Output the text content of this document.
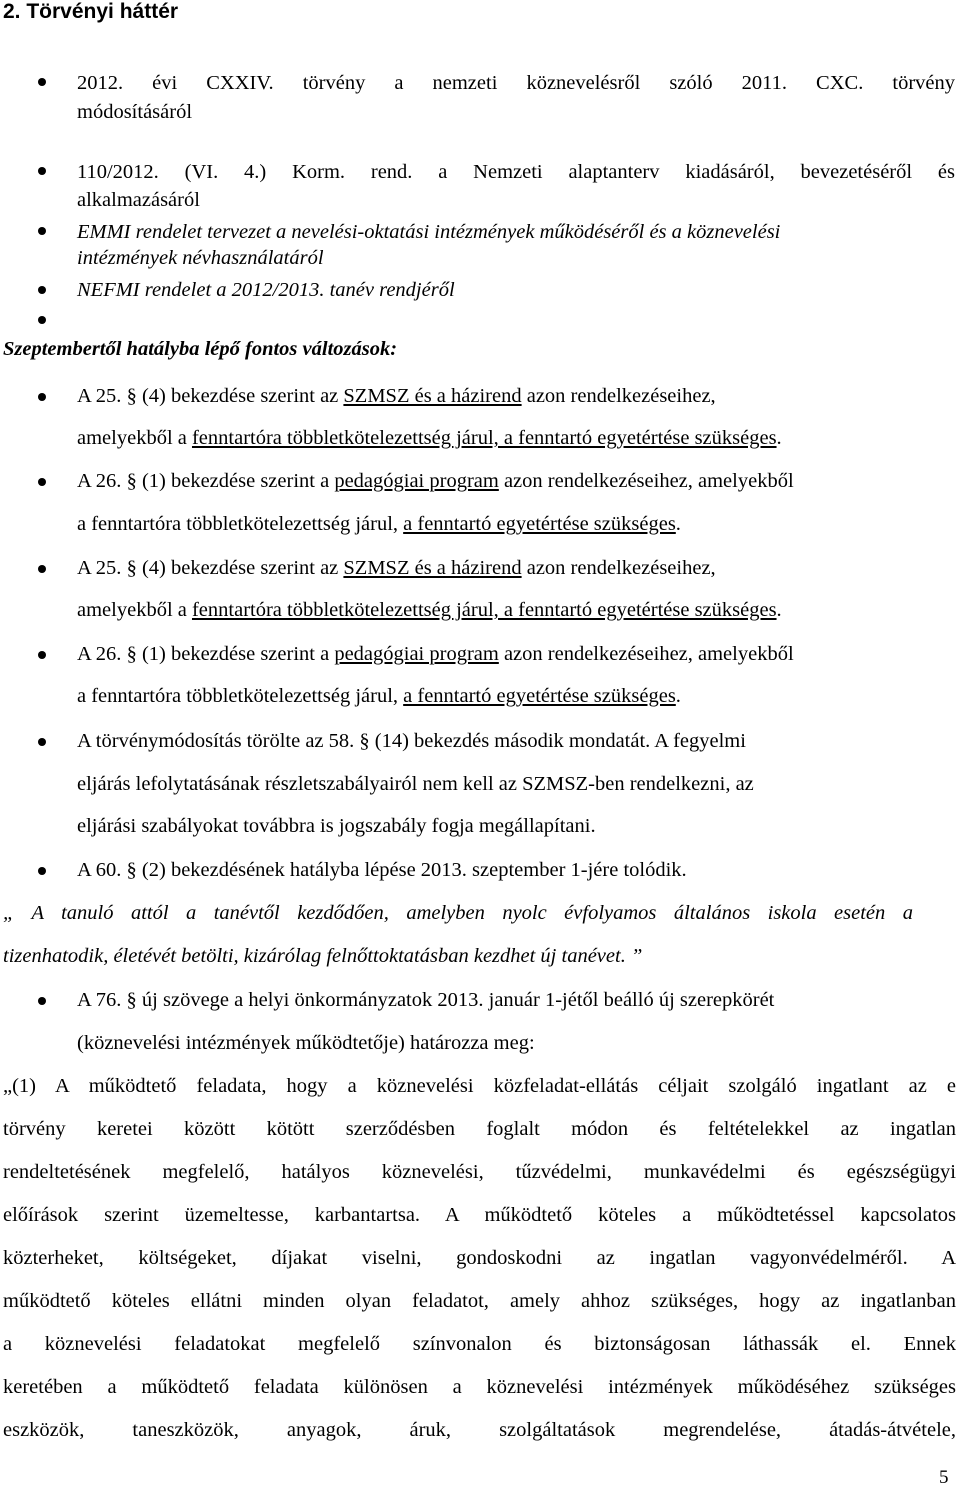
2. Törvényi háttér
2012. évi CXXIV. törvény a nemzeti köznevelésről szóló 2011. CXC. törvény
módosításáról
110/2012. (VI. 4.) Korm. rend. a Nemzeti alaptanterv kiadásáról, bevezetéséről és
alkalmazásáról
EMMI rendelet tervezet a nevelési-oktatási intézmények működéséről és a köznevelési
intézmények névhasználatáról
NEFMI rendelet a 2012/2013. tanév rendjéről
Szeptembertől hatályba lépő fontos változások:
A 25. § (4) bekezdése szerint az SZMSZ és a házirend azon rendelkezéseihez,
amelyekből a fenntartóra többletkötelezettség járul, a fenntartó egyetértése szükséges.
A 26. § (1) bekezdése szerint a pedagógiai program azon rendelkezéseihez, amelyekből
a fenntartóra többletkötelezettség járul, a fenntartó egyetértése szükséges.
A 25. § (4) bekezdése szerint az SZMSZ és a házirend azon rendelkezéseihez,
amelyekből a fenntartóra többletkötelezettség járul, a fenntartó egyetértése szükséges.
A 26. § (1) bekezdése szerint a pedagógiai program azon rendelkezéseihez, amelyekből
a fenntartóra többletkötelezettség járul, a fenntartó egyetértése szükséges.
A törvénymódosítás törölte az 58. § (14) bekezdés második mondatát. A fegyelmi
eljárás lefolytatásának részletszabályairól nem kell az SZMSZ-ben rendelkezni, az
eljárási szabályokat továbbra is jogszabály fogja megállapítani.
A 60. § (2) bekezdésének hatályba lépése 2013. szeptember 1-jére tolódik.
„ A tanuló attól a tanévtől kezdődően, amelyben nyolc évfolyamos általános iskola esetén a
tizenhatodik, életévét betölti, kizárólag felnőttoktatásban kezdhet új tanévet. ”
A 76. § új szövege a helyi önkormányzatok 2013. január 1-jétől beálló új szerepkörét
(köznevelési intézmények működtetője) határozza meg:
„(1) A működtető feladata, hogy a köznevelési közfeladat-ellátás céljait szolgáló ingatlant az e
törvény keretei között kötött szerződésben foglalt módon és feltételekkel az ingatlan
rendeltetésének megfelelő, hatályos köznevelési, tűzvédelmi, munkavédelmi és egészségügyi
előírások szerint üzemeltesse, karbantartsa. A működtető köteles a működtetéssel kapcsolatos
közterheket, költségeket, díjakat viselni, gondoskodni az ingatlan vagyonvédelméről. A
működtető köteles ellátni minden olyan feladatot, amely ahhoz szükséges, hogy az ingatlanban
a köznevelési feladatokat megfelelő színvonalon és biztonságosan láthassák el. Ennek
keretében a működtető feladata különösen a köznevelési intézmények működéséhez szükséges
eszközök, taneszközök, anyagok, áruk, szolgáltatások megrendelése, átadás-átvétele,
5
